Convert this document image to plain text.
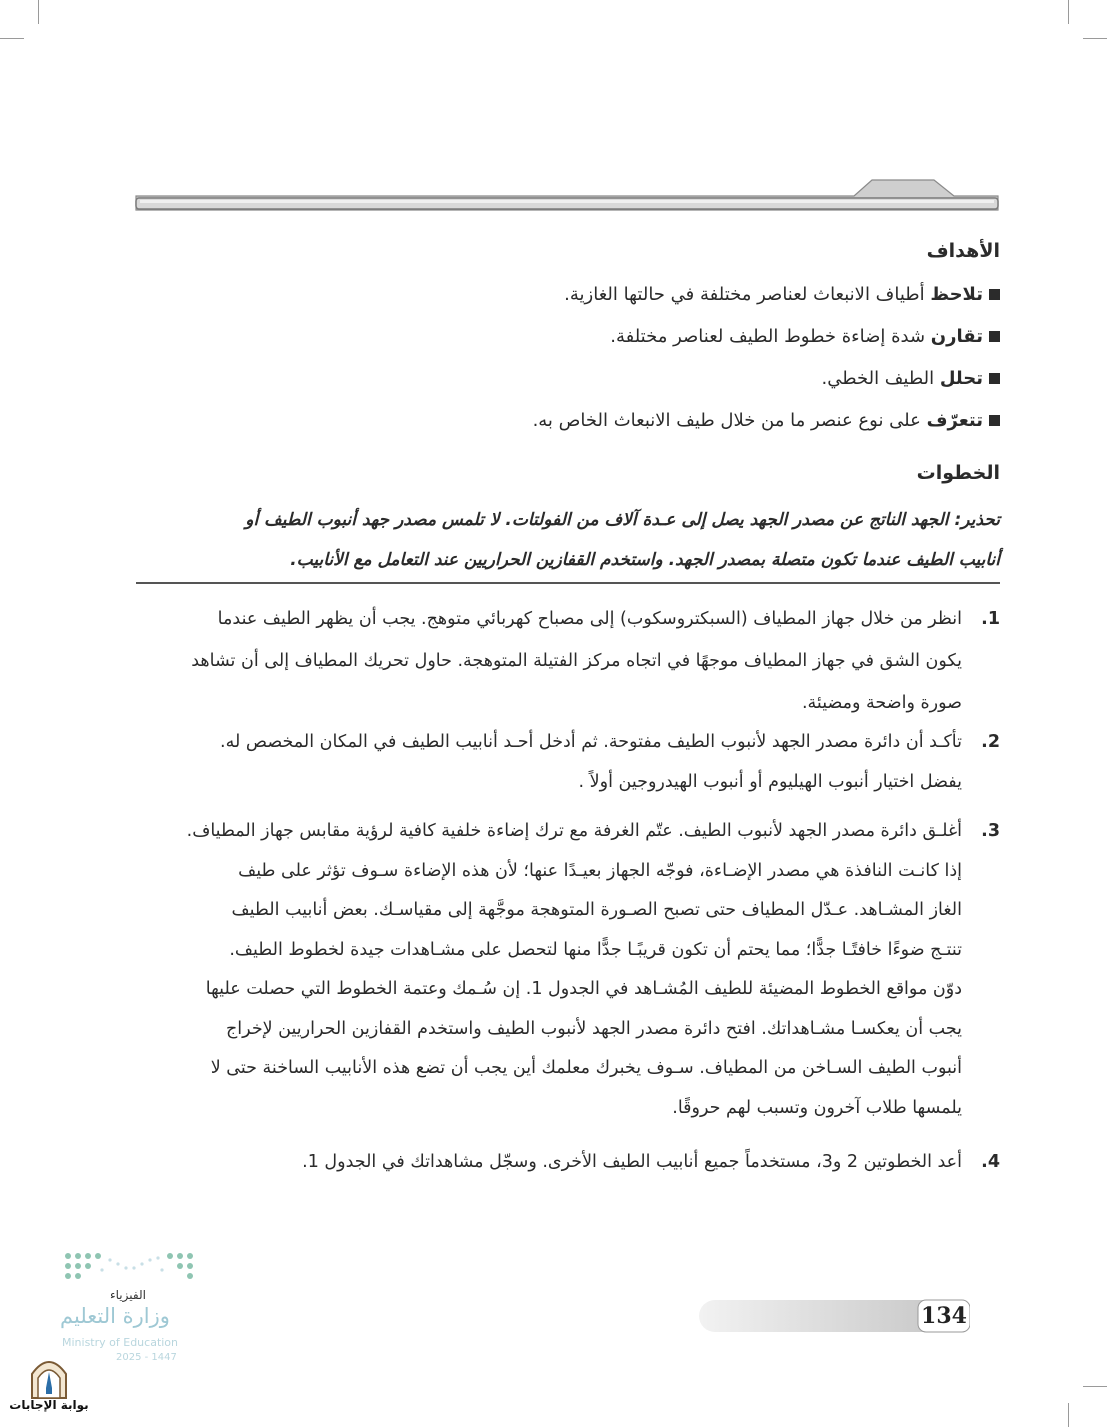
الأهداف
تلاحظ أطياف الانبعاث لعناصر مختلفة في حالتها الغازية.
تقارن شدة إضاءة خطوط الطيف لعناصر مختلفة.
تحلل الطيف الخطي.
تتعرّف على نوع عنصر ما من خلال طيف الانبعاث الخاص به.
الخطوات
تحذير: الجهد الناتج عن مصدر الجهد يصل إلى عـدة آلاف من الفولتات. لا تلمس مصدر جهد أنبوب الطيف أو
أنابيب الطيف عندما تكون متصلة بمصدر الجهد. واستخدم القفازين الحراريين عند التعامل مع الأنابيب.
.1
انظر من خلال جهاز المطياف (السبكتروسكوب) إلى مصباح كهربائي متوهج. يجب أن يظهر الطيف عندما
يكون الشق في جهاز المطياف موجهًا في اتجاه مركز الفتيلة المتوهجة. حاول تحريك المطياف إلى أن تشاهد
صورة واضحة ومضيئة.
.2
تأكـد أن دائرة مصدر الجهد لأنبوب الطيف مفتوحة. ثم أدخل أحـد أنابيب الطيف في المكان المخصص له.
يفضل اختيار أنبوب الهيليوم أو أنبوب الهيدروجين أولاً .
.3
أغلـق دائرة مصدر الجهد لأنبوب الطيف. عتّم الغرفة مع ترك إضاءة خلفية كافية لرؤية مقابس جهاز المطياف.
إذا كانـت النافذة هي مصدر الإضـاءة، فوجّه الجهاز بعيـدًا عنها؛ لأن هذه الإضاءة سـوف تؤثر على طيف
الغاز المشـاهد. عـدّل المطياف حتى تصبح الصـورة المتوهجة موجَّهة إلى مقياسـك. بعض أنابيب الطيف
تنتـج ضوءًا خافتًـا جدًّا؛ مما يحتم أن تكون قريبًـا جدًّا منها لتحصل على مشـاهدات جيدة لخطوط الطيف.
دوّن مواقع الخطوط المضيئة للطيف المُشـاهد في الجدول 1. إن سُـمك وعتمة الخطوط التي حصلت عليها
يجب أن يعكسـا مشـاهداتك. افتح دائرة مصدر الجهد لأنبوب الطيف واستخدم القفازين الحراريين لإخراج
أنبوب الطيف السـاخن من المطياف. سـوف يخبرك معلمك أين يجب أن تضع هذه الأنابيب الساخنة حتى لا
يلمسها طلاب آخرون وتسبب لهم حروقًا.
.4
أعد الخطوتين 2 و3، مستخدماً جميع أنابيب الطيف الأخرى. وسجّل مشاهداتك في الجدول 1.
134
الفيزياء
وزارة التعليم
Ministry of Education
2025 - 1447
بوابة الإجابات
